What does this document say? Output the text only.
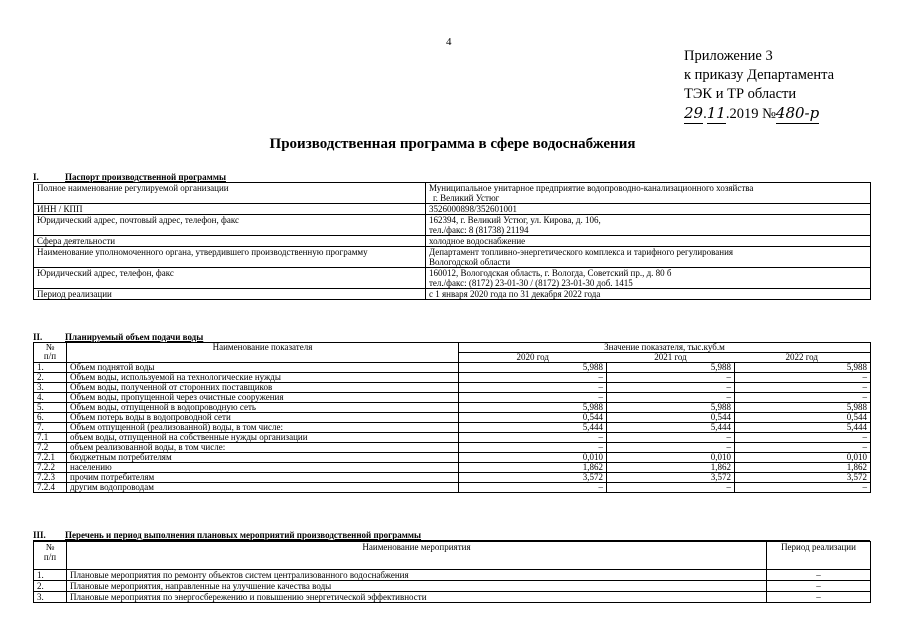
4
Приложение 3
к приказу Департамента
ТЭК и ТР области
29.11.2019 №480-р
Производственная программа в сфере водоснабжения
I.	Паспорт производственной программы
Полное наименование регулируемой организации	Муниципальное унитарное предприятие водопроводно-канализационного хозяйства
г. Великий Устюг

ИНН / КПП	3526000898/352601001
Юридический адрес, почтовый адрес, телефон, факс	162394, г. Великий Устюг, ул. Кирова, д. 106,
тел./факс: 8 (81738) 21194

Сфера деятельности	холодное водоснабжение
Наименование уполномоченного органа, утвердившего производственную программу	Департамент топливно-энергетического комплекса и тарифного регулирования
Вологодской области

Юридический адрес, телефон, факс	160012, Вологодская область, г. Вологда, Советский пр., д. 80 б
тел./факс: (8172) 23-01-30 / (8172) 23-01-30 доб. 1415

Период реализации	с 1 января 2020 года по 31 декабря 2022 года
II.	Планируемый объем подачи воды
№
п/п	Наименование показателя	Значение показателя, тыс.куб.м		
		2020 год	2021 год	2022 год
1.	Объем поднятой воды	5,988	5,988	5,988
2.	Объем воды, используемой на технологические нужды	–	–	–
3.	Объем воды, полученной от сторонних поставщиков	–	–	–
4.	Объем воды, пропущенной через очистные сооружения	–	–	–
5.	Объем воды, отпущенной в водопроводную сеть	5,988	5,988	5,988
6.	Объем потерь воды в водопроводной сети	0,544	0,544	0,544
7.	Объем отпущенной (реализованной) воды, в том числе:	5,444	5,444	5,444
7.1	объем воды, отпущенной на собственные нужды организации	–	–	–
7.2	объем реализованной воды, в том числе:	–	–	–
7.2.1	бюджетным потребителям	0,010	0,010	0,010
7.2.2	населению	1,862	1,862	1,862
7.2.3	прочим потребителям	3,572	3,572	3,572
7.2.4	другим водопроводам	–	–	–
III. Перечень и период выполнения плановых мероприятий производственной программы
№
п/п	Наименование мероприятия	Период реализации
1.	Плановые мероприятия по ремонту объектов систем централизованного водоснабжения	–
2.	Плановые мероприятия, направленные на улучшение качества воды	–
3.	Плановые мероприятия по энергосбережению и повышению энергетической эффективности	–
